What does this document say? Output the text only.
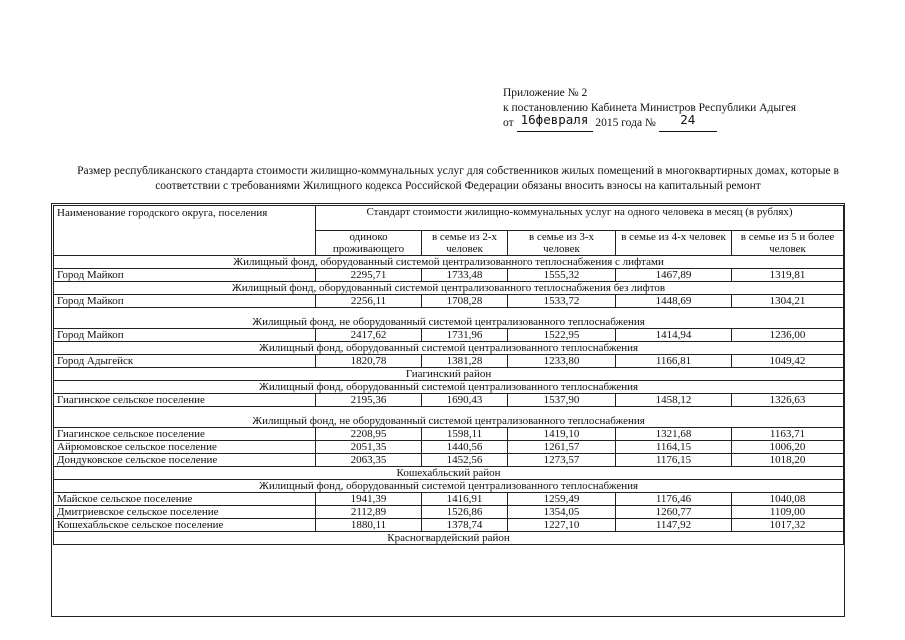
Приложение № 2
к постановлению Кабинета Министров Республики Адыгея
от 16февраля 2015 года № 24
Размер республиканского стандарта стоимости жилищно-коммунальных услуг для собственников жилых помещений в многоквартирных домах, которые в соответствии с требованиями Жилищного кодекса Российской Федерации обязаны вносить взносы на капитальный ремонт
Наименование городского округа, поселения	Стандарт стоимости жилищно-коммунальных услуг на одного человека в месяц (в рублях)				
	одиноко проживающего	в семье из 2-х человек	в семье из 3-х человек	в семье из 4-х человек	в семье из 5 и более человек
Жилищный фонд, оборудованный системой централизованного теплоснабжения с лифтами					
Город Майкоп	2295,71	1733,48	1555,32	1467,89	1319,81
Жилищный фонд, оборудованный системой централизованного теплоснабжения без лифтов					
Город Майкоп	2256,11	1708,28	1533,72	1448,69	1304,21
Жилищный фонд, не оборудованный системой централизованного теплоснабжения					
Город Майкоп	2417,62	1731,96	1522,95	1414,94	1236,00
Жилищный фонд, оборудованный системой централизованного теплоснабжения					
Город Адыгейск	1820,78	1381,28	1233,80	1166,81	1049,42
Гиагинский район					
Жилищный фонд, оборудованный системой централизованного теплоснабжения					
Гиагинское сельское поселение	2195,36	1690,43	1537,90	1458,12	1326,63
Жилищный фонд, не оборудованный системой централизованного теплоснабжения					
Гиагинское сельское поселение	2208,95	1598,11	1419,10	1321,68	1163,71
Айрюмовское сельское поселение	2051,35	1440,56	1261,57	1164,15	1006,20
Дондуковское сельское поселение	2063,35	1452,56	1273,57	1176,15	1018,20
Кошехабльский район					
Жилищный фонд, оборудованный системой централизованного теплоснабжения					
Майское сельское поселение	1941,39	1416,91	1259,49	1176,46	1040,08
Дмитриевское сельское поселение	2112,89	1526,86	1354,05	1260,77	1109,00
Кошехабльское сельское поселение	1880,11	1378,74	1227,10	1147,92	1017,32
Красногвардейский район					
